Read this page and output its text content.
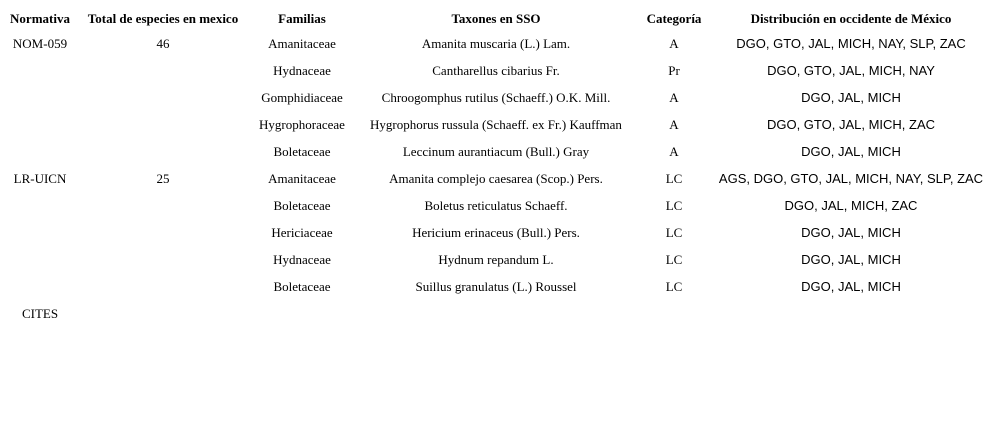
Normativa	Total de especies en mexico	Familias	Taxones en SSO	Categoría	Distribución en occidente de México
NOM-059	46	Amanitaceae	Amanita muscaria (L.) Lam.	A	DGO, GTO, JAL, MICH, NAY, SLP, ZAC
		Hydnaceae	Cantharellus cibarius Fr.	Pr	DGO, GTO, JAL, MICH, NAY
		Gomphidiaceae	Chroogomphus rutilus (Schaeff.) O.K. Mill.	A	DGO, JAL, MICH
		Hygrophoraceae	Hygrophorus russula (Schaeff. ex Fr.) Kauffman	A	DGO, GTO, JAL, MICH, ZAC
		Boletaceae	Leccinum aurantiacum (Bull.) Gray	A	DGO, JAL, MICH
LR-UICN	25	Amanitaceae	Amanita complejo caesarea (Scop.) Pers.	LC	AGS, DGO, GTO, JAL, MICH, NAY, SLP, ZAC
		Boletaceae	Boletus reticulatus Schaeff.	LC	DGO, JAL, MICH, ZAC
		Hericiaceae	Hericium erinaceus (Bull.) Pers.	LC	DGO, JAL, MICH
		Hydnaceae	Hydnum repandum L.	LC	DGO, JAL, MICH
		Boletaceae	Suillus granulatus (L.) Roussel	LC	DGO, JAL, MICH
CITES					
